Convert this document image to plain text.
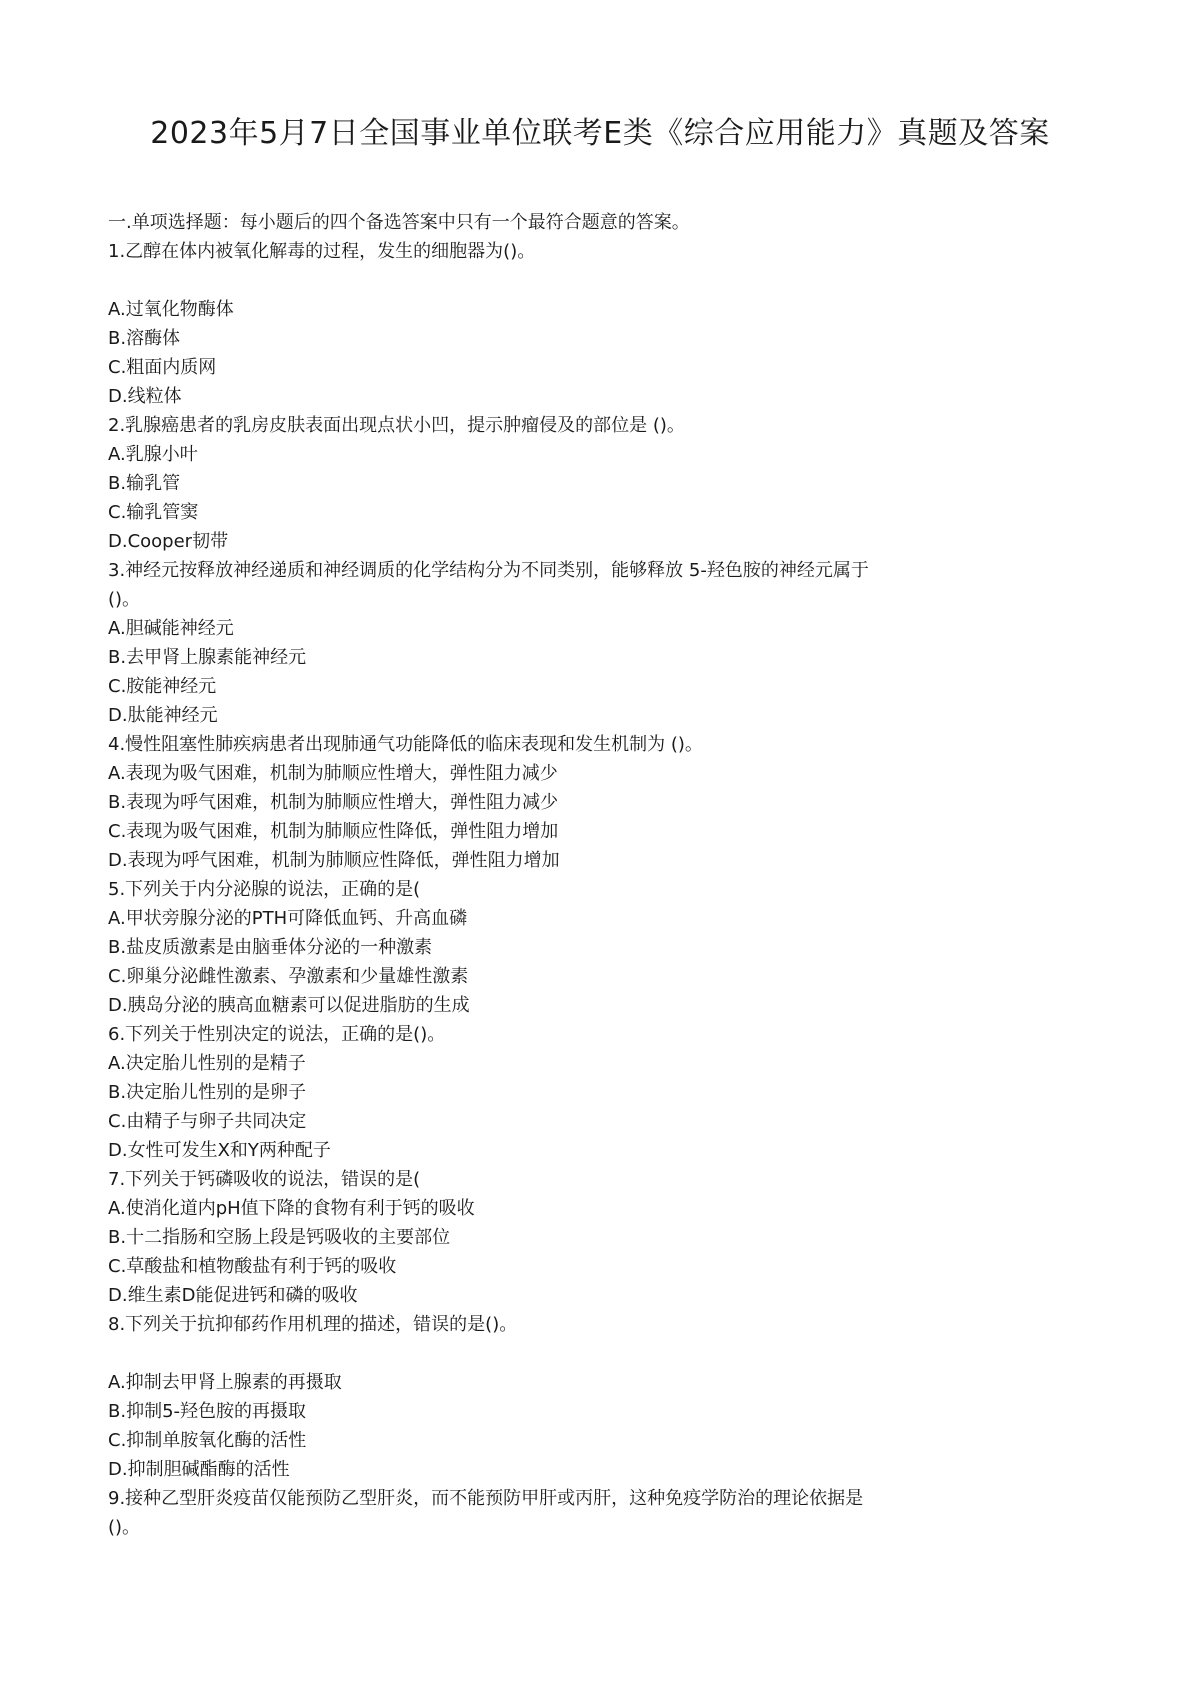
2023年5月7日全国事业单位联考E类《综合应用能力》真题及答案

一.单项选择题：每小题后的四个备选答案中只有一个最符合题意的答案。

1.乙醇在体内被氧化解毒的过程，发生的细胞器为()。

A.过氧化物酶体

B.溶酶体

C.粗面内质网

D.线粒体

2.乳腺癌患者的乳房皮肤表面出现点状小凹，提示肿瘤侵及的部位是 ()。

A.乳腺小叶

B.输乳管

C.输乳管窦

D.Cooper韧带

3.神经元按释放神经递质和神经调质的化学结构分为不同类别，能够释放 5-羟色胺的神经元属于

()。

A.胆碱能神经元

B.去甲肾上腺素能神经元

C.胺能神经元

D.肽能神经元

4.慢性阻塞性肺疾病患者出现肺通气功能降低的临床表现和发生机制为 ()。

A.表现为吸气困难，机制为肺顺应性增大，弹性阻力减少

B.表现为呼气困难，机制为肺顺应性增大，弹性阻力减少

C.表现为吸气困难，机制为肺顺应性降低，弹性阻力增加

D.表现为呼气困难，机制为肺顺应性降低，弹性阻力增加

5.下列关于内分泌腺的说法，正确的是(

A.甲状旁腺分泌的PTH可降低血钙、升高血磷

B.盐皮质激素是由脑垂体分泌的一种激素

C.卵巢分泌雌性激素、孕激素和少量雄性激素

D.胰岛分泌的胰高血糖素可以促进脂肪的生成

6.下列关于性别决定的说法，正确的是()。

A.决定胎儿性别的是精子

B.决定胎儿性别的是卵子

C.由精子与卵子共同决定

D.女性可发生X和Y两种配子

7.下列关于钙磷吸收的说法，错误的是(

A.使消化道内pH值下降的食物有利于钙的吸收

B.十二指肠和空肠上段是钙吸收的主要部位

C.草酸盐和植物酸盐有利于钙的吸收

D.维生素D能促进钙和磷的吸收

8.下列关于抗抑郁药作用机理的描述，错误的是()。

A.抑制去甲肾上腺素的再摄取

B.抑制5-羟色胺的再摄取

C.抑制单胺氧化酶的活性

D.抑制胆碱酯酶的活性

9.接种乙型肝炎疫苗仅能预防乙型肝炎，而不能预防甲肝或丙肝，这种免疫学防治的理论依据是

()。
